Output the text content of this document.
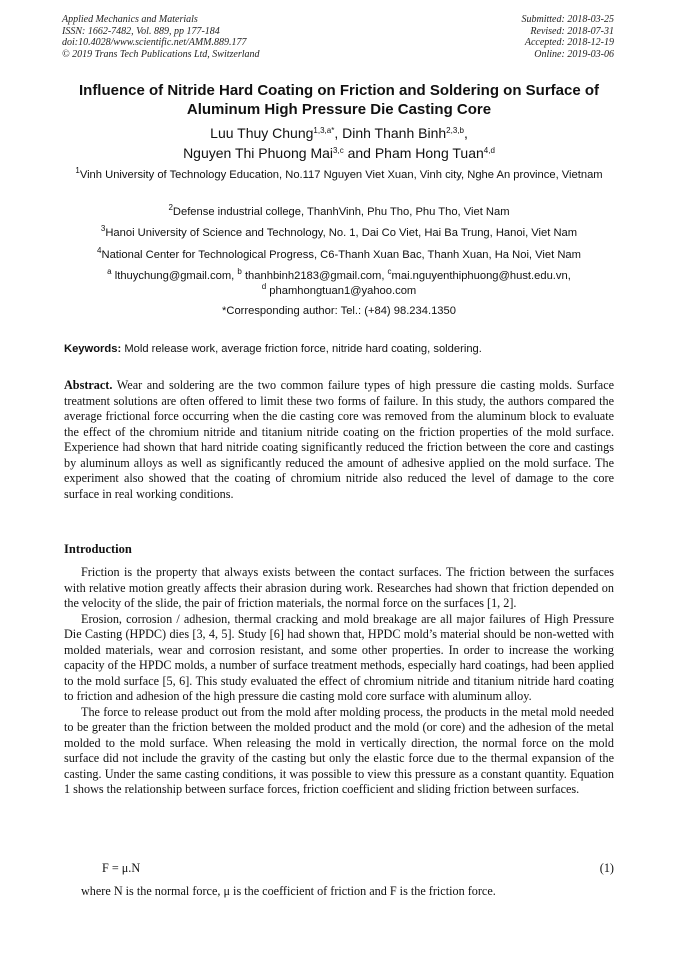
Applied Mechanics and Materials
ISSN: 1662-7482, Vol. 889, pp 177-184
doi:10.4028/www.scientific.net/AMM.889.177
© 2019 Trans Tech Publications Ltd, Switzerland
Submitted: 2018-03-25
Revised: 2018-07-31
Accepted: 2018-12-19
Online: 2019-03-06
Influence of Nitride Hard Coating on Friction and Soldering on Surface of Aluminum High Pressure Die Casting Core
Luu Thuy Chung$^{1,3,a*}$, Dinh Thanh Binh$^{2,3,b}$,
Nguyen Thi Phuong Mai$^{3,c}$ and Pham Hong Tuan$^{4,d}$
$^1$Vinh University of Technology Education, No.117 Nguyen Viet Xuan, Vinh city, Nghe An province, Vietnam
$^2$Defense industrial college, ThanhVinh, Phu Tho, Phu Tho, Viet Nam
$^3$Hanoi University of Science and Technology, No. 1, Dai Co Viet, Hai Ba Trung, Hanoi, Viet Nam
$^4$National Center for Technological Progress, C6-Thanh Xuan Bac, Thanh Xuan, Ha Noi, Viet Nam
$^a$ lthuychung@gmail.com, $^b$ thanhbinh2183@gmail.com, $^c$mai.nguyenthiphuong@hust.edu.vn,
$^d$ phamhongtuan1@yahoo.com
*Corresponding author: Tel.: (+84) 98.234.1350
Keywords: Mold release work, average friction force, nitride hard coating, soldering.
Abstract. Wear and soldering are the two common failure types of high pressure die casting molds. Surface treatment solutions are often offered to limit these two forms of failure. In this study, the authors compared the average frictional force occurring when the die casting core was removed from the aluminum block to evaluate the effect of the chromium nitride and titanium nitride coating on the friction properties of the mold surface. Experience had shown that hard nitride coating significantly reduced the friction between the core and castings by aluminum alloys as well as significantly reduced the amount of adhesive applied on the mold surface. The experiment also showed that the coating of chromium nitride also reduced the level of damage to the core surface in real working conditions.
Introduction

Friction is the property that always exists between the contact surfaces. The friction between the surfaces with relative motion greatly affects their abrasion during work. Researches had shown that friction depended on the velocity of the slide, the pair of friction materials, the normal force on the surfaces [1, 2].

Erosion, corrosion / adhesion, thermal cracking and mold breakage are all major failures of High Pressure Die Casting (HPDC) dies [3, 4, 5]. Study [6] had shown that, HPDC mold’s material should be non-wetted with molded materials, wear and corrosion resistant, and some other properties. In order to increase the working capacity of the HPDC molds, a number of surface treatment methods, especially hard coatings, had been applied to the mold surface [5, 6]. This study evaluated the effect of chromium nitride and titanium nitride hard coating to friction and adhesion of the high pressure die casting mold core surface with aluminum alloy.

The force to release product out from the mold after molding process, the products in the metal mold needed to be greater than the friction between the molded product and the mold (or core) and the adhesion of the metal molded to the mold surface. When releasing the mold in vertically direction, the normal force on the mold surface did not include the gravity of the casting but only the elastic force due to the thermal expansion of the casting. Under the same casting conditions, it was possible to view this pressure as a constant quantity. Equation 1 shows the relationship between surface forces, friction coefficient and sliding friction between surfaces.

F = μ.N	(1)

where N is the normal force, μ is the coefficient of friction and F is the friction force.
